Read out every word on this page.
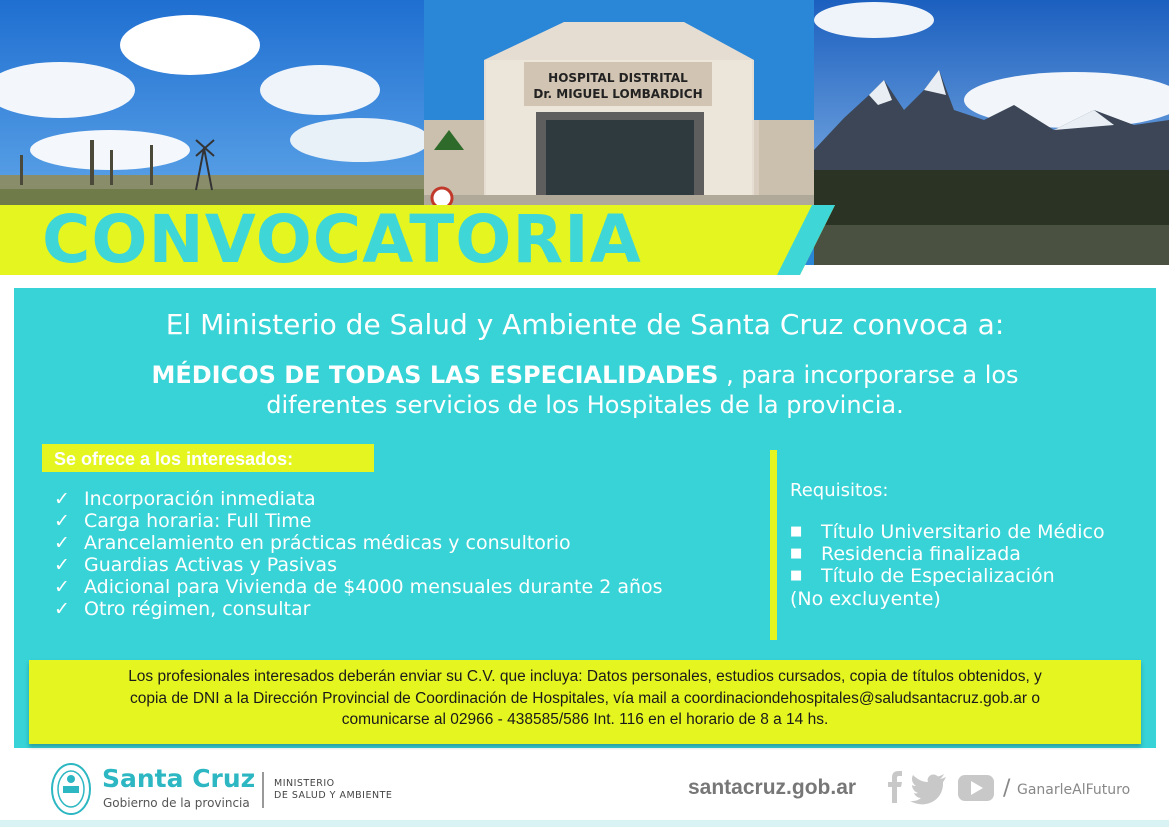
HOSPITAL DISTRITAL
Dr. MIGUEL LOMBARDICH
CONVOCATORIA
El Ministerio de Salud y Ambiente de Santa Cruz convoca a:
MÉDICOS DE TODAS LAS ESPECIALIDADES , para incorporarse a los
diferentes servicios de los Hospitales de la provincia.
Se ofrece a los interesados:
✓ Incorporación inmediata
✓ Carga horaria: Full Time
✓ Arancelamiento en prácticas médicas y consultorio
✓ Guardias Activas y Pasivas
✓ Adicional para Vivienda de $4000 mensuales durante 2 años
✓ Otro régimen, consultar
Requisitos:
■ Título Universitario de Médico
■ Residencia finalizada
■ Título de Especialización
(No excluyente)

Los profesionales interesados deberán enviar su C.V. que incluya: Datos personales, estudios cursados, copia de títulos obtenidos, y
copia de DNI a la Dirección Provincial de Coordinación de Hospitales, vía mail a coordinaciondehospitales@saludsantacruz.gob.ar o
comunicarse al 02966 - 438585/586 Int. 116 en el horario de 8 a 14 hs.

Santa Cruz
Gobierno de la provincia
MINISTERIO
DE SALUD Y AMBIENTE	santacruz.gob.ar	/ GanarleAlFuturo
